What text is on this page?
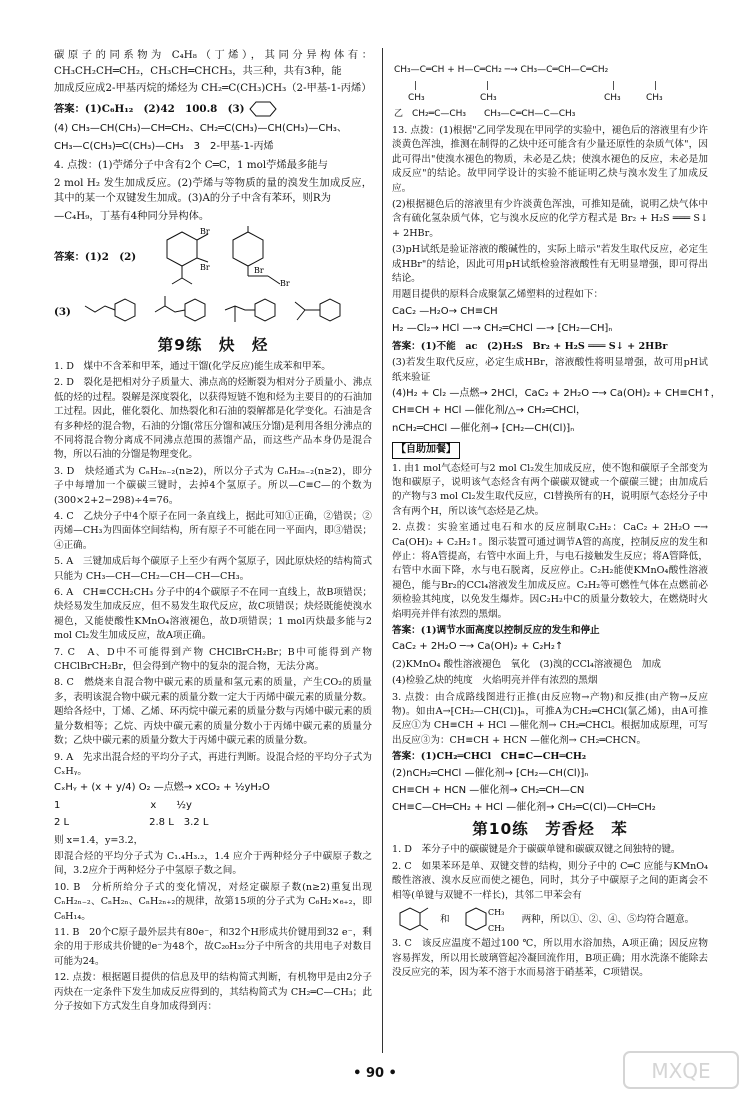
碳原子的同系物为 C₄H₈（丁烯），其同分异构体有：CH₃CH₂CH═CH₂，CH₃CH═CHCH₃，共三种，共有3种，能

加成反应成2-甲基丙烷的烯烃为 CH₂═C(CH₃)CH₃（2-甲基-1-丙烯）

答案：(1)C₆H₁₂　(2)42　100.8　(3)

(4) CH₃—CH(CH₃)—CH═CH₂、CH₂═C(CH₃)—CH(CH₃)—CH₃、

CH₃—C(CH₃)═C(CH₃)—CH₃　3　2-甲基-1-丙烯

4. 点拨：(1)苧烯分子中含有2个 C═C，1 mol苧烯最多能与

2 mol H₂ 发生加成反应。(2)苧烯与等物质的量的溴发生加成反应，其中的某一个双键发生加成。(3)A的分子中含有苯环，则R为

—C₄H₉，丁基有4种同分异构体。

答案：(1)2　(2)
Br
Br	Br
Br
(3)
第9练　炔　烃

1. D　煤中不含苯和甲苯，通过干馏(化学反应)能生成苯和甲苯。

2. D　裂化是把相对分子质量大、沸点高的烃断裂为相对分子质量小、沸点低的烃的过程。裂解是深度裂化，以获得短链不饱和烃为主要目的的石油加工过程。因此，催化裂化、加热裂化和石油的裂解都是化学变化。石油是含有多种烃的混合物，石油的分馏(常压分馏和减压分馏)是利用各组分沸点的不同将混合物分离成不同沸点范围的蒸馏产品，而这些产品本身仍是混合物，所以石油的分馏是物理变化。

3. D　炔烃通式为 CₙH₂ₙ₋₂(n≥2)，所以分子式为 CₙH₂ₙ₋₂(n≥2)，即分子中每增加一个碳碳三键时，去掉4个氢原子。所以—C≡C—的个数为(300×2+2−298)÷4=76。

4. C　乙炔分子中4个原子在同一条直线上，据此可知①正确，②错误；②丙烯—CH₃为四面体空间结构，所有原子不可能在同一平面内，即③错误；④正确。

5. A　三键加成后每个碳原子上至少有两个氢原子，因此原炔烃的结构简式只能为 CH₃—CH—CH₂—CH—CH—CH₃。

6. A　CH≡CCH₂CH₃ 分子中的4个碳原子不在同一直线上，故B项错误；炔烃易发生加成反应，但不易发生取代反应，故C项错误；炔烃既能使溴水褪色，又能使酸性KMnO₄溶液褪色，故D项错误；1 mol丙炔最多能与2 mol Cl₂发生加成反应，故A项正确。

7. C　A、D中不可能得到产物 CHClBrCH₂Br；B中可能得到产物 CHClBrCH₂Br，但会得到产物中的复杂的混合物，无法分离。

8. C　燃烧来自混合物中碳元素的质量和氢元素的质量，产生CO₂的质量多，表明该混合物中碳元素的质量分数一定大于丙烯中碳元素的质量分数。题给各烃中，丁烯、乙烯、环丙烷中碳元素的质量分数与丙烯中碳元素的质量分数相等；乙烷、丙炔中碳元素的质量分数小于丙烯中碳元素的质量分数；乙炔中碳元素的质量分数大于丙烯中碳元素的质量分数。

9. A　先求出混合烃的平均分子式，再进行判断。设混合烃的平均分子式为 CₓHᵧ。

CₓHᵧ + (x + y/4) O₂ —点燃→ xCO₂ + ½yH₂O

1　　　　　　　　　x　　½y

2 L　　　　　　　　2.8 L　3.2 L

则 x=1.4，y=3.2，

即混合烃的平均分子式为 C₁.₄H₃.₂，1.4 应介于两种烃分子中碳原子数之间，3.2应介于两种烃分子中氢原子数之间。

10. B　分析所给分子式的变化情况，对烃定碳原子数(n≥2)重复出现 CₙH₂ₙ₋₂、CₙH₂ₙ、CₙH₂ₙ₊₂的规律，故第15项的分子式为 C₆H₂×₆₊₂，即 C₆H₁₄。

11. B　20个C原子最外层共有80e⁻，和32个H形成共价键用到32 e⁻，剩余的用于形成共价键的e⁻为48个，故C₂₀H₃₂分子中所含的共用电子对数目可能为24。

12. 点拨：根据题目提供的信息及甲的结构简式判断，有机物甲是由2分子丙炔在一定条件下发生加成反应得到的，其结构简式为 CH₂═C—CH₃；此分子按如下方式发生自身加成得到丙：

CH₃—C═CH + H—C═CH₂ ─→ CH₃—C═CH—C═CH₂
|	|	|	|
CH₃	CH₃	CH₃	CH₃
乙　CH₂═C—CH₃　　CH₃—C═CH—C—CH₃

13. 点拨：(1)根据"乙同学发现在甲同学的实验中，褪色后的溶液里有少许淡黄色浑浊，推测在制得的乙炔中还可能含有少量还原性的杂质气体"，因此可得出"使溴水褪色的物质，未必是乙炔；使溴水褪色的反应，未必是加成反应"的结论。故甲同学设计的实验不能证明乙炔与溴水发生了加成反应。

(2)根据褪色后的溶液里有少许淡黄色浑浊，可推知是硫，说明乙炔气体中含有硫化氢杂质气体，它与溴水反应的化学方程式是 Br₂ + H₂S ═══ S↓ + 2HBr。

(3)pH试纸是验证溶液的酸碱性的，实际上暗示"若发生取代反应，必定生成HBr"的结论，因此可用pH试纸检验溶液酸性有无明显增强，即可得出结论。

用题目提供的原料合成聚氯乙烯塑料的过程如下：

CaC₂ —H₂O→ CH≡CH

H₂ —Cl₂→ HCl —→ CH₂═CHCl —→ ⁅CH₂—CH⁆ₙ

答案：(1)不能　ac　(2)H₂S　Br₂ + H₂S ═══ S↓ + 2HBr

(3)若发生取代反应，必定生成HBr，溶液酸性将明显增强，故可用pH试纸来验证

(4)H₂ + Cl₂ —点燃→ 2HCl，CaC₂ + 2H₂O ─→ Ca(OH)₂ + CH≡CH↑，

CH≡CH + HCl —催化剂/△→ CH₂═CHCl，

nCH₂═CHCl —催化剂→ ⁅CH₂—CH(Cl)⁆ₙ

【自助加餐】

1. 由1 mol气态烃可与2 mol Cl₂发生加成反应，使不饱和碳原子全部变为饱和碳原子，说明该气态烃含有两个碳碳双键或一个碳碳三键；由加成后的产物与3 mol Cl₂发生取代反应，Cl替换所有的H，说明原气态烃分子中含有两个H，所以该气态烃是乙炔。

2. 点拨：实验室通过电石和水的反应制取C₂H₂：CaC₂ + 2H₂O ─→ Ca(OH)₂ + C₂H₂↑。图示装置可通过调节A管的高度，控制反应的发生和停止：将A管提高，右管中水面上升，与电石接触发生反应；将A管降低，右管中水面下降，水与电石脱离，反应停止。C₂H₂能使KMnO₄酸性溶液褪色，能与Br₂的CCl₄溶液发生加成反应。C₂H₂等可燃性气体在点燃前必须检验其纯度，以免发生爆炸。因C₂H₂中C的质量分数较大，在燃烧时火焰明亮并伴有浓烈的黑烟。

答案：(1)调节水面高度以控制反应的发生和停止

CaC₂ + 2H₂O ─→ Ca(OH)₂ + C₂H₂↑

(2)KMnO₄ 酸性溶液褪色　氧化　(3)溴的CCl₄溶液褪色　加成

(4)检验乙炔的纯度　火焰明亮并伴有浓烈的黑烟

3. 点拨：由合成路线图进行正推(由反应物→产物)和反推(由产物→反应物)。如由A→⁅CH₂—CH(Cl)⁆ₙ，可推A为CH₂═CHCl(氯乙烯)，由A可推反应①为 CH≡CH + HCl —催化剂→ CH₂═CHCl。根据加成原理，可写出反应③为：CH≡CH + HCN —催化剂→ CH₂═CHCN。

答案：(1)CH₂═CHCl　CH≡C—CH═CH₂

(2)nCH₂═CHCl —催化剂→ ⁅CH₂—CH(Cl)⁆ₙ

CH≡CH + HCN —催化剂→ CH₂═CH—CN

CH≡C—CH═CH₂ + HCl —催化剂→ CH₂═C(Cl)—CH═CH₂

第10练　芳香烃　苯

1. D　苯分子中的碳碳键是介于碳碳单键和碳碳双键之间独特的键。

2. C　如果苯环是单、双键交替的结构，则分子中的 C═C 应能与KMnO₄酸性溶液、溴水反应而使之褪色，同时，其分子中碳原子之间的距离会不相等(单键与双键不一样长)，其邻二甲苯会有

和
CH₃
CH₃
两种，所以①、②、④、⑤均符合题意。

3. C　该反应温度不超过100 ℃，所以用水浴加热，A项正确；因反应物容易挥发，所以用长玻璃管起冷凝回流作用，B项正确；用水洗涤不能除去没反应完的苯，因为苯不溶于水而易溶于硝基苯，C项错误。

• 90 •	MXQE
